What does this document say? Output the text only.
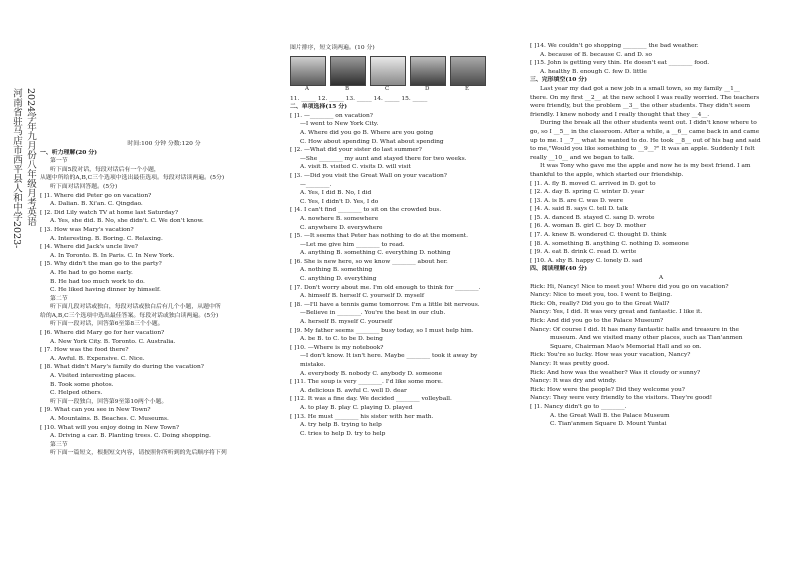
河南省驻马店市西平县人和中学2023- 2024学年九月份八年级月考英语	时间:100 分钟 分数:120 分
一、听力理解(20 分)
第一节
听下面5段对话，每段对话后有一个小题，
从题中所给的A,B,C三个选项中选出最佳选项。每段对话读两遍。(5分)
听下面对话回答题。(5分)
[ ]1. Where did Peter go on vacation?
A. Dalian. B. Xi'an. C. Qingdao.
[ ]2. Did Lily watch TV at home last Saturday?
A. Yes, she did. B. No, she didn't. C. We don't know.
[ ]3. How was Mary's vacation?
A. Interesting. B. Boring. C. Relaxing.
[ ]4. Where did Jack's uncle live?
A. In Toronto. B. In Paris. C. In New York.
[ ]5. Why didn't the man go to the party?
A. He had to go home early.
B. He had too much work to do.
C. He liked having dinner by himself.
第二节
听下面几段对话或独白，每段对话或独白后有几个小题，从题中所
给的A,B,C三个选项中选出最佳答案。每段对话或独白读两遍。(5分)
听下面一段对话，回答第6至第8三个小题。
[ ]6. Where did Mary go for her vacation?
A. New York City. B. Toronto. C. Australia.
[ ]7. How was the food there?
A. Awful. B. Expensive. C. Nice.
[ ]8. What didn't Mary's family do during the vacation?
A. Visited interesting places.
B. Took some photos.
C. Helped others.
听下面一段独白，回答第9至第10两个小题。
[ ]9. What can you see in New Town?
A. Mountains. B. Beaches. C. Museums.
[ ]10. What will you enjoy doing in New Town?
A. Driving a car. B. Planting trees. C. Doing shopping.
第三节
听下面一篇短文，根据短文内容，请按照你所听到的先后顺序将下列
图片排序，短文读两遍。(10 分)
A	B	C	D	E
11. _____ 12. _____ 13. _____ 14. _____ 15. _____
二、单项选择(15 分)
[ ]1. —________ on vacation?
—I went to New York City.
A. Where did you go B. Where are you going
C. How about spending D. What about spending
[ ]2. —What did your sister do last summer?
—She ________ my aunt and stayed there for two weeks.
A. visit B. visited C. visits D. will visit
[ ]3. —Did you visit the Great Wall on your vacation?
—________.
A. Yes, I did B. No, I did
C. Yes, I didn't D. Yes, I do
[ ]4. I can't find ________ to sit on the crowded bus.
A. nowhere B. somewhere
C. anywhere D. everywhere
[ ]5. —It seems that Peter has nothing to do at the moment.
—Let me give him ________ to read.
A. anything B. something C. everything D. nothing
[ ]6. She is new here, so we know ________ about her.
A. nothing B. something
C. anything D. everything
[ ]7. Don't worry about me. I'm old enough to think for ________.
A. himself B. herself C. yourself D. myself
[ ]8. —I'll have a tennis game tomorrow. I'm a little bit nervous.
—Believe in ________. You're the best in our club.
A. herself B. myself C. yourself
[ ]9. My father seems ________ busy today, so I must help him.
A. be B. to C. to be D. being
[ ]10. —Where is my notebook?
—I don't know. It isn't here. Maybe ________ took it away by
mistake.
A. everybody B. nobody C. anybody D. someone
[ ]11. The soup is very ________. I'd like some more.
A. delicious B. awful C. well D. dear
[ ]12. It was a fine day. We decided ________ volleyball.
A. to play B. play C. playing D. played
[ ]13. He must ________ his sister with her math.
A. try help B. trying to help
C. tries to help D. try to help
[ ]14. We couldn't go shopping ________ the bad weather.
A. because of B. because C. and D. so
[ ]15. John is getting very thin. He doesn't eat ________ food.
A. healthy B. enough C. few D. little
三、完形填空(10 分)
Last year my dad got a new job in a small town, so my family __1__
there. On my first __2__ at the new school I was really worried. The teachers
were friendly, but the problem __3__ the other students. They didn't seem
friendly. I knew nobody and I really thought that they __4__.
During the break all the other students went out. I didn't know where to
go, so I __5__ in the classroom. After a while, a __6__ came back in and came
up to me. I __7__ what he wanted to do. He took __8__ out of his bag and said
to me,"Would you like something to __9__?" It was an apple. Suddenly I felt
really __10__ and we began to talk.
It was Tony who gave me the apple and now he is my best friend. I am
thankful to the apple, which started our friendship.
[ ]1. A. fly B. moved C. arrived in D. got to
[ ]2. A. day B. spring C. winter D. year
[ ]3. A. is B. are C. was D. were
[ ]4. A. said B. says C. tell D. talk
[ ]5. A. danced B. stayed C. sang D. wrote
[ ]6. A. woman B. girl C. boy D. mother
[ ]7. A. knew B. wondered C. thought D. think
[ ]8. A. something B. anything C. nothing D. someone
[ ]9. A. eat B. drink C. read D. write
[ ]10. A. shy B. happy C. lonely D. sad
四、阅读理解(40 分)
A
Rick: Hi, Nancy! Nice to meet you! Where did you go on vacation?
Nancy: Nice to meet you, too. I went to Beijing.
Rick: Oh, really? Did you go to the Great Wall?
Nancy: Yes, I did. It was very great and fantastic. I like it.
Rick: And did you go to the Palace Museum?
Nancy: Of course I did. It has many fantastic halls and treasure in the
museum. And we visited many other places, such as Tian'anmen
Square, Chairman Mao's Memorial Hall and so on.
Rick: You're so lucky. How was your vacation, Nancy?
Nancy: It was pretty good.
Rick: And how was the weather? Was it cloudy or sunny?
Nancy: It was dry and windy.
Rick: How were the people? Did they welcome you?
Nancy: They were very friendly to the visitors. They're good!
[ ]1. Nancy didn't go to ________.
A. the Great Wall B. the Palace Museum
C. Tian'anmen Square D. Mount Yuntai
